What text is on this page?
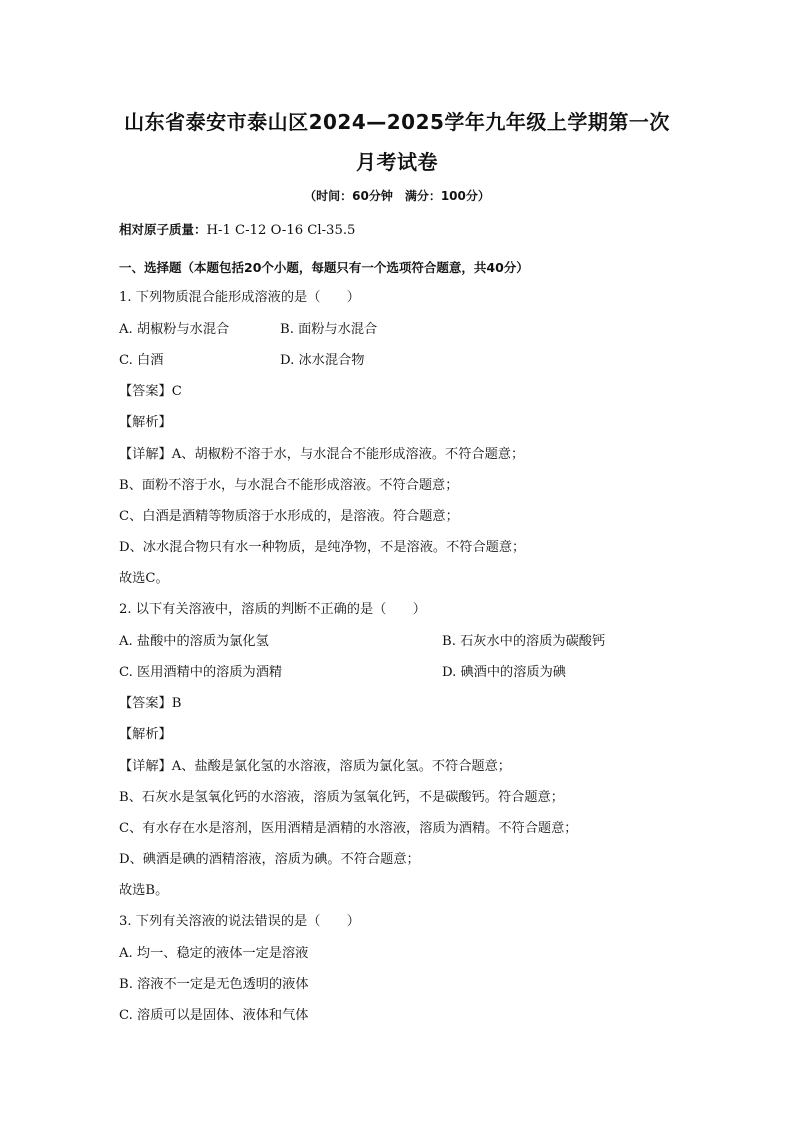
山东省泰安市泰山区2024—2025学年九年级上学期第一次
月考试卷
（时间：60分钟　满分：100分）
相对原子质量：H-1 C-12 O-16 Cl-35.5
一、选择题（本题包括20个小题，每题只有一个选项符合题意，共40分）
1. 下列物质混合能形成溶液的是（　　）
A. 胡椒粉与水混合	B. 面粉与水混合
C. 白酒	D. 冰水混合物
【答案】C
【解析】
【详解】A、胡椒粉不溶于水，与水混合不能形成溶液。不符合题意；
B、面粉不溶于水，与水混合不能形成溶液。不符合题意；
C、白酒是酒精等物质溶于水形成的，是溶液。符合题意；
D、冰水混合物只有水一种物质，是纯净物，不是溶液。不符合题意；
故选C。
2. 以下有关溶液中，溶质的判断不正确的是（　　）
A. 盐酸中的溶质为氯化氢	B. 石灰水中的溶质为碳酸钙
C. 医用酒精中的溶质为酒精	D. 碘酒中的溶质为碘
【答案】B
【解析】
【详解】A、盐酸是氯化氢的水溶液，溶质为氯化氢。不符合题意；
B、石灰水是氢氧化钙的水溶液，溶质为氢氧化钙，不是碳酸钙。符合题意；
C、有水存在水是溶剂，医用酒精是酒精的水溶液，溶质为酒精。不符合题意；
D、碘酒是碘的酒精溶液，溶质为碘。不符合题意；
故选B。
3. 下列有关溶液的说法错误的是（　　）
A. 均一、稳定的液体一定是溶液
B. 溶液不一定是无色透明的液体
C. 溶质可以是固体、液体和气体
